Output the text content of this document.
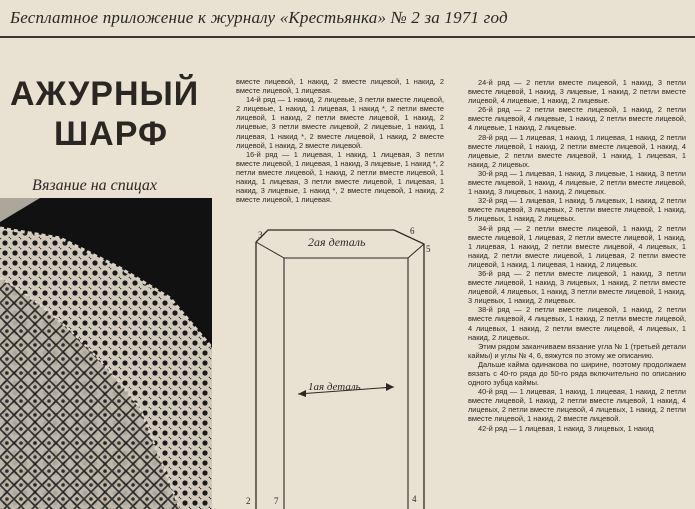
Бесплатное приложение к журналу «Крестьянка» № 2 за 1971 год
АЖУРНЫЙ
ШАРФ
Вязание на спицах

вместе лицевой, 1 накид, 2 вместе лицевой, 1 накид, 2 вместе лицевой, 1 лицевая.

14-й ряд — 1 накид, 2 лицевые, 3 петли вместе лицевой, 2 лицевые, 1 накид, 1 лицевая, 1 накид *, 2 петли вместе лицевой, 1 накид, 2 петли вместе лицевой, 1 накид, 2 лицевые, 3 петли вместе лицевой, 2 лицевые, 1 накид, 1 лицевая, 1 накид *, 2 вместе лицевой, 1 накид, 2 вместе лицевой, 1 накид, 2 вместе лицевой.

16-й ряд — 1 лицевая, 1 накид, 1 лицевая, 3 петли вместе лицевой, 1 лицевая, 1 накид, 3 лицевые, 1 накид *, 2 петли вместе лицевой, 1 накид, 2 петли вместе лицевой, 1 накид, 1 лицевая, 3 петли вместе лицевой, 1 лицевая, 1 накид, 3 лицевые, 1 накид *, 2 вместе лицевой, 1 накид, 2 вместе лицевой, 1 лицевая.

24-й ряд — 2 петли вместе лицевой, 1 накид, 3 петли вместе лицевой, 1 накид, 3 лицевые, 1 накид, 2 петли вместе лицевой, 4 лицевые, 1 накид, 2 лицевые.

26-й ряд — 2 петли вместе лицевой, 1 накид, 2 петли вместе лицевой, 4 лицевые, 1 накид, 2 петли вместе лицевой, 4 лицевые, 1 накид, 2 лицевые.

28-й ряд — 1 лицевая, 1 накид, 1 лицевая, 1 накид, 2 петли вместе лицевой, 1 накид, 2 петли вместе лицевой, 1 накид, 4 лицевые, 2 петли вместе лицевой, 1 накид, 1 лицевая, 1 накид, 2 лицевых.

30-й ряд — 1 лицевая, 1 накид, 3 лицевые, 1 накид, 3 петли вместе лицевой, 1 накид, 4 лицевые, 2 петли вместе лицевой, 1 накид, 3 лицевых, 1 накид, 2 лицевых.

32-й ряд — 1 лицевая, 1 накид, 5 лицевых, 1 накид, 2 петли вместе лицевой, 3 лицевых, 2 петли вместе лицевой, 1 накид, 5 лицевых, 1 накид, 2 лицевых.

34-й ряд — 2 петли вместе лицевой, 1 накид, 2 петли вместе лицевой, 1 лицевая, 2 петли вместе лицевой, 1 накид, 1 лицевая, 1 накид, 2 петли вместе лицевой, 4 лицевых, 1 накид, 2 петли вместе лицевой, 1 лицевая, 2 петли вместе лицевой, 1 накид, 1 лицевая, 1 накид, 2 лицевых.

36-й ряд — 2 петли вместе лицевой, 1 накид, 3 петли вместе лицевой, 1 накид, 3 лицевых, 1 накид, 2 петли вместе лицевой, 4 лицевых, 1 накид, 3 петли вместе лицевой, 1 накид, 3 лицевых, 1 накид, 2 лицевых.

38-й ряд — 2 петли вместе лицевой, 1 накид, 2 петли вместе лицевой, 4 лицевых, 1 накид, 2 петли вместе лицевой, 4 лицевых, 1 накид, 2 петли вместе лицевой, 4 лицевых, 1 накид, 2 лицевых.

Этим рядом заканчиваем вязание угла № 1 (третьей детали каймы) и углы № 4, 6, вяжутся по этому же описанию.

Дальше кайма одинакова по ширине, поэтому продолжаем вязать с 40-го ряда до 50-го ряда включительно по описанию одного зубца каймы.

40-й ряд — 1 лицевая, 1 накид, 1 лицевая, 1 накид, 2 петли вместе лицевой, 1 накид, 2 петли вместе лицевой, 1 накид, 4 лицевых, 2 петли вместе лицевой, 4 лицевых, 1 накид, 2 петли вместе лицевой, 1 накид, 2 вместе лицевой.

42-й ряд — 1 лицевая, 1 накид, 3 лицевых, 1 накид

2ая деталь
1ая деталь
3	6
5
4
7
2
